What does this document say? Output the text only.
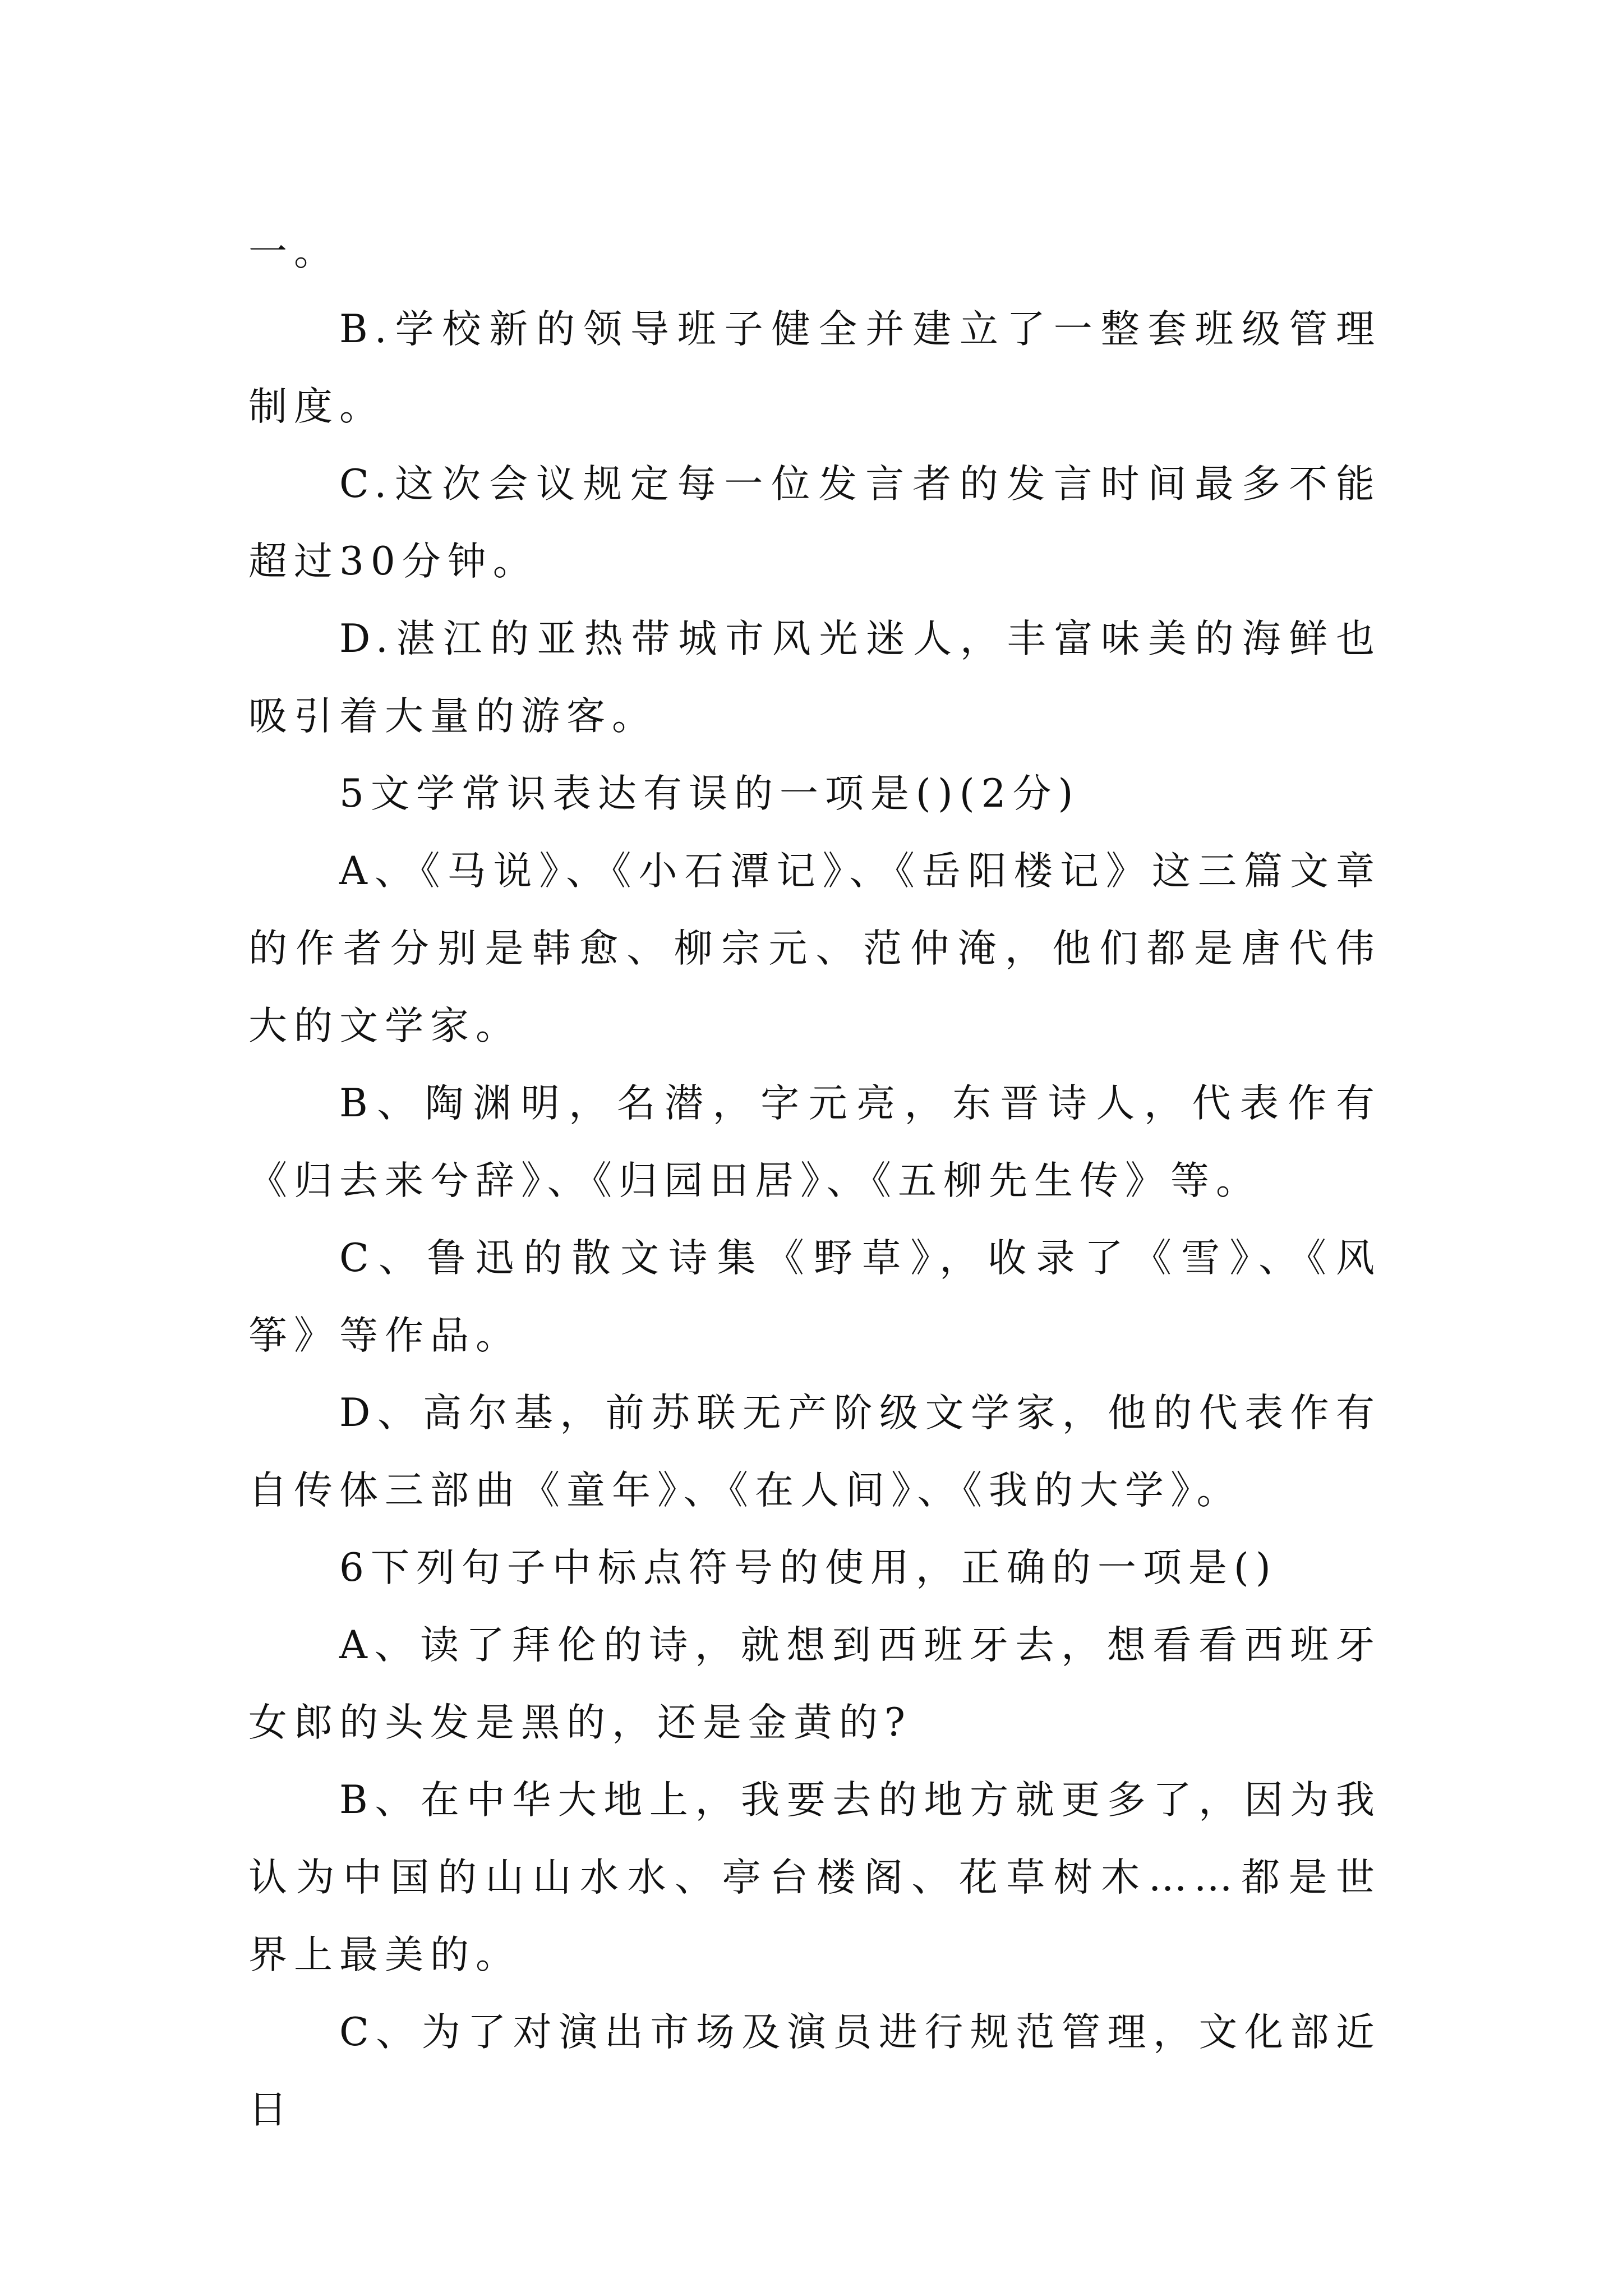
一。

B.学校新的领导班子健全并建立了一整套班级管理制度。

C.这次会议规定每一位发言者的发言时间最多不能超过30分钟。

D.湛江的亚热带城市风光迷人，丰富味美的海鲜也吸引着大量的游客。

5文学常识表达有误的一项是()(2分)

A、《马说》、《小石潭记》、《岳阳楼记》这三篇文章的作者分别是韩愈、柳宗元、范仲淹，他们都是唐代伟大的文学家。

B、陶渊明，名潜，字元亮，东晋诗人，代表作有《归去来兮辞》、《归园田居》、《五柳先生传》等。

C、鲁迅的散文诗集《野草》，收录了《雪》、《风筝》等作品。

D、高尔基，前苏联无产阶级文学家，他的代表作有自传体三部曲《童年》、《在人间》、《我的大学》。

6下列句子中标点符号的使用，正确的一项是()

A、读了拜伦的诗，就想到西班牙去，想看看西班牙女郎的头发是黑的，还是金黄的?

B、在中华大地上，我要去的地方就更多了，因为我认为中国的山山水水、亭台楼阁、花草树木……都是世界上最美的。

C、为了对演出市场及演员进行规范管理，文化部近日
